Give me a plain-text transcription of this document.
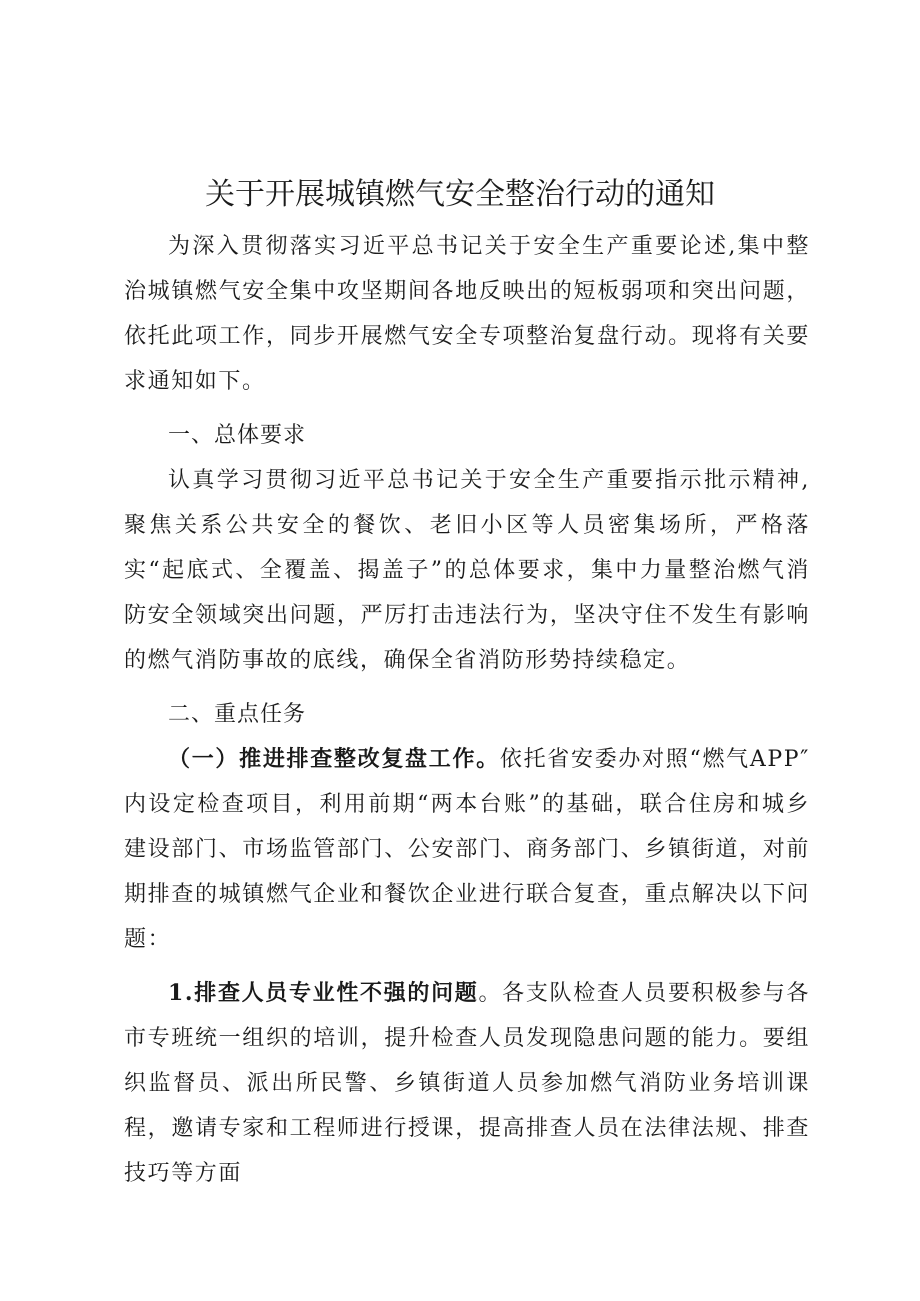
关于开展城镇燃气安全整治行动的通知

为深入贯彻落实习近平总书记关于安全生产重要论述,集中整治城镇燃气安全集中攻坚期间各地反映出的短板弱项和突出问题，依托此项工作，同步开展燃气安全专项整治复盘行动。现将有关要求通知如下。

一、总体要求

认真学习贯彻习近平总书记关于安全生产重要指示批示精神,聚焦关系公共安全的餐饮、老旧小区等人员密集场所，严格落实“起底式、全覆盖、揭盖子”的总体要求，集中力量整治燃气消防安全领域突出问题，严厉打击违法行为，坚决守住不发生有影响的燃气消防事故的底线，确保全省消防形势持续稳定。

二、重点任务

（一）推进排查整改复盘工作。依托省安委办对照“燃气APP″内设定检查项目，利用前期“两本台账”的基础，联合住房和城乡建设部门、市场监管部门、公安部门、商务部门、乡镇街道，对前期排查的城镇燃气企业和餐饮企业进行联合复查，重点解决以下问题：

1.排查人员专业性不强的问题。各支队检查人员要积极参与各市专班统一组织的培训，提升检查人员发现隐患问题的能力。要组织监督员、派出所民警、乡镇街道人员参加燃气消防业务培训课程，邀请专家和工程师进行授课，提高排查人员在法律法规、排查技巧等方面
